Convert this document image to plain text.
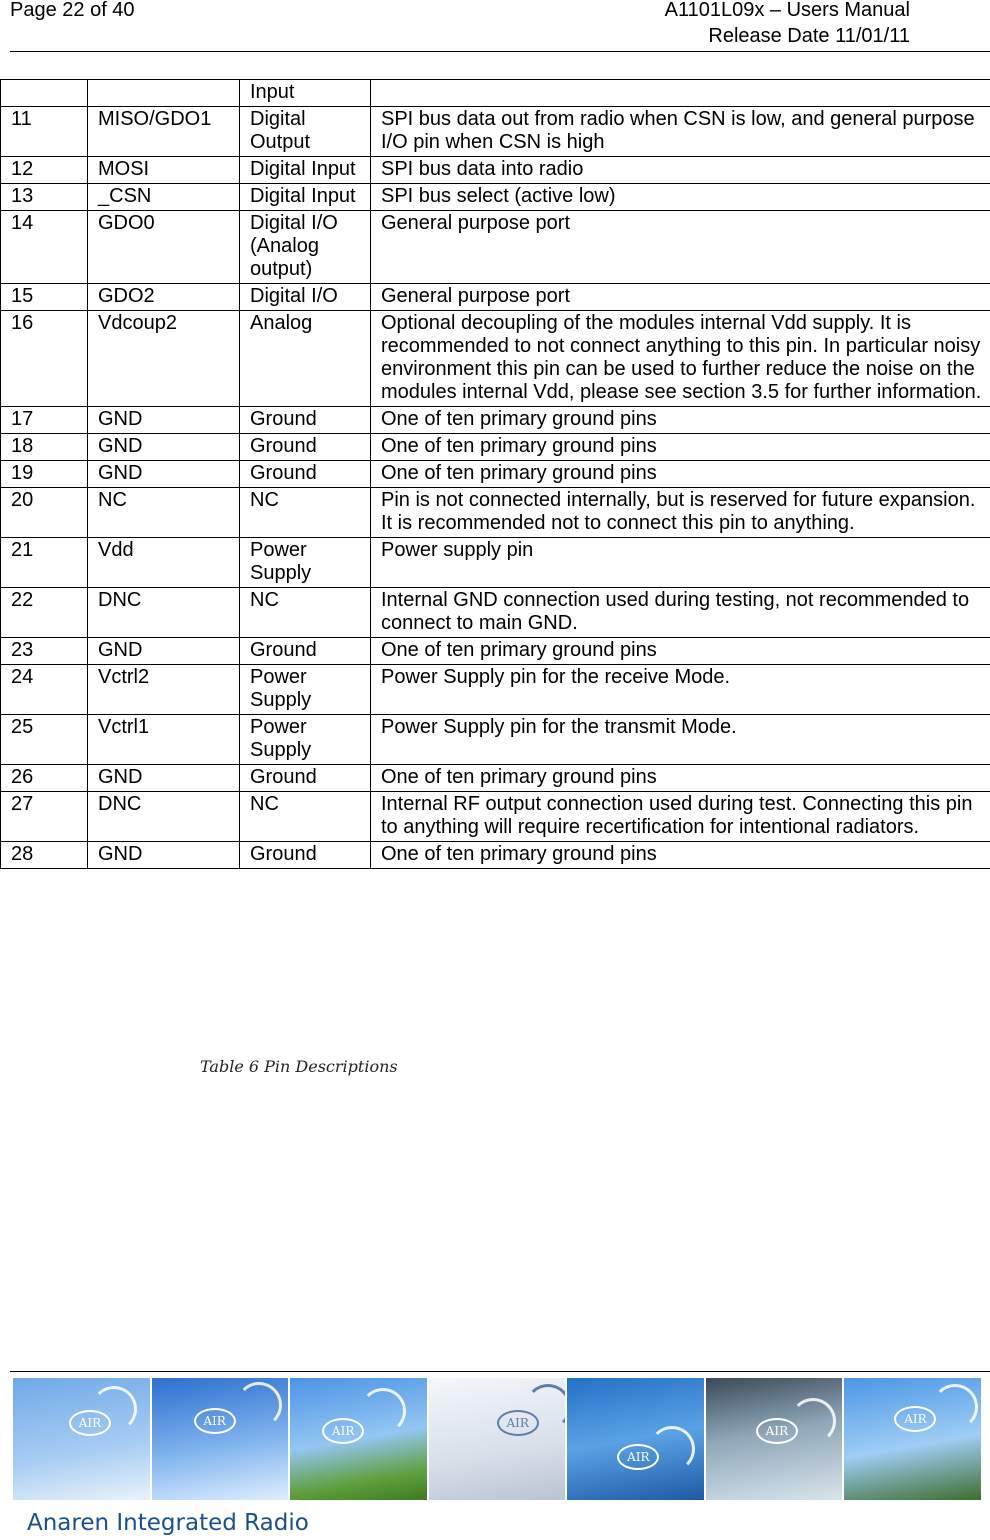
Page 22 of 40	A1101L09x – Users Manual
Release Date 11/01/11
		Input	
11	MISO/GDO1	Digital Output	SPI bus data out from radio when CSN is low, and general purpose I/O pin when CSN is high
12	MOSI	Digital Input	SPI bus data into radio
13	_CSN	Digital Input	SPI bus select (active low)
14	GDO0	Digital I/O (Analog output)	General purpose port
15	GDO2	Digital I/O	General purpose port
16	Vdcoup2	Analog	Optional decoupling of the modules internal Vdd supply. It is recommended to not connect anything to this pin. In particular noisy environment this pin can be used to further reduce the noise on the modules internal Vdd, please see section 3.5 for further information.
17	GND	Ground	One of ten primary ground pins
18	GND	Ground	One of ten primary ground pins
19	GND	Ground	One of ten primary ground pins
20	NC	NC	Pin is not connected internally, but is reserved for future expansion. It is recommended not to connect this pin to anything.
21	Vdd	Power Supply	Power supply pin
22	DNC	NC	Internal GND connection used during testing, not recommended to connect to main GND.
23	GND	Ground	One of ten primary ground pins
24	Vctrl2	Power Supply	Power Supply pin for the receive Mode.
25	Vctrl1	Power Supply	Power Supply pin for the transmit Mode.
26	GND	Ground	One of ten primary ground pins
27	DNC	NC	Internal RF output connection used during test. Connecting this pin to anything will require recertification for intentional radiators.
28	GND	Ground	One of ten primary ground pins
Table 6 Pin Descriptions
AIR	AIR
AIR
AIR
AIR
AIR
AIR
Anaren Integrated Radio
